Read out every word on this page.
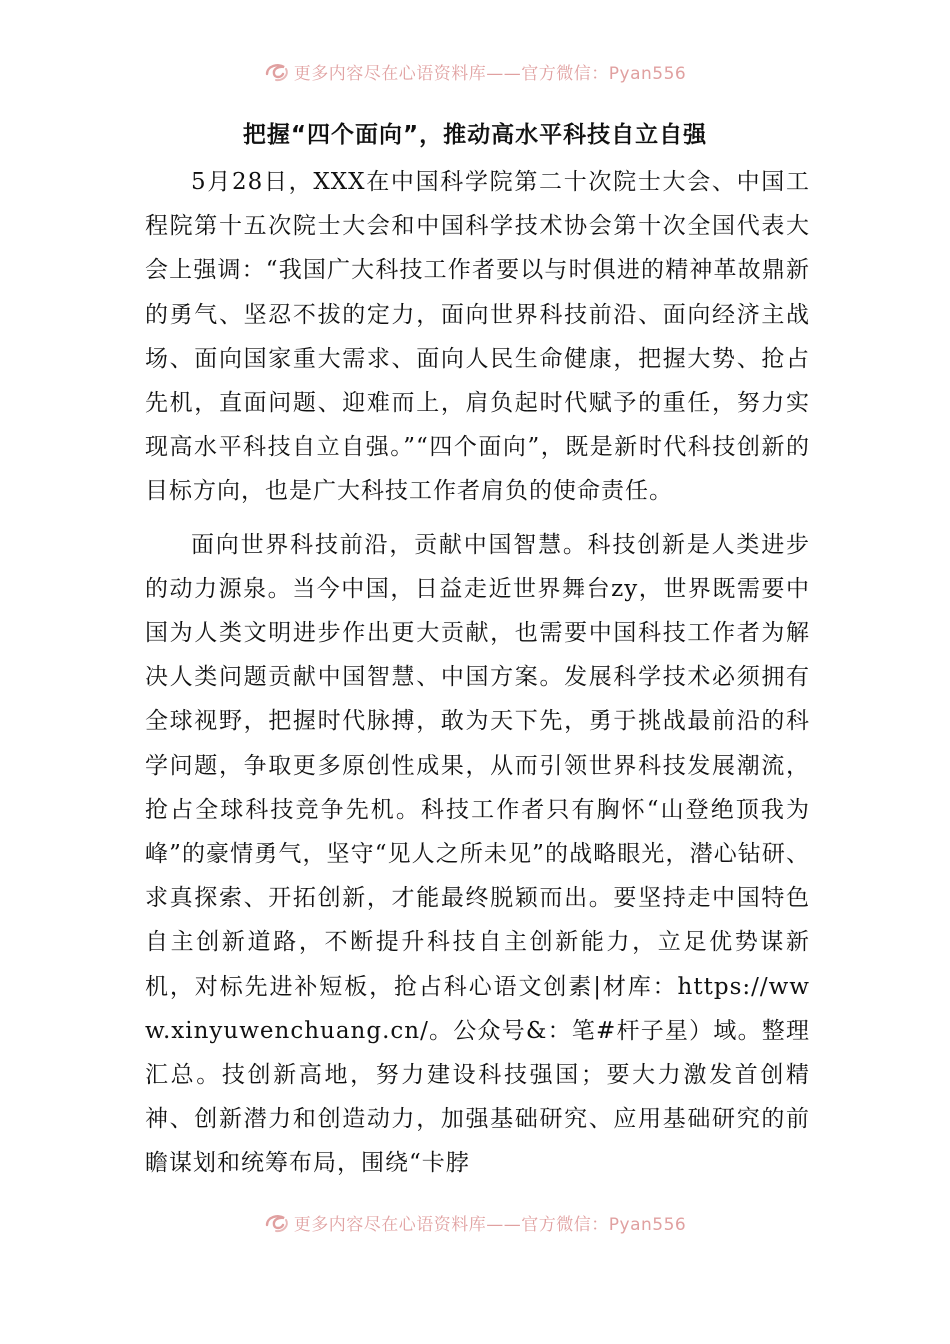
更多内容尽在心语资料库——官方微信：Pyan556
把握“四个面向”，推动高水平科技自立自强

5月28日，XXX在中国科学院第二十次院士大会、中国工程院第十五次院士大会和中国科学技术协会第十次全国代表大会上强调：“我国广大科技工作者要以与时俱进的精神革故鼎新的勇气、坚忍不拔的定力，面向世界科技前沿、面向经济主战场、面向国家重大需求、面向人民生命健康，把握大势、抢占先机，直面问题、迎难而上，肩负起时代赋予的重任，努力实现高水平科技自立自强。”“四个面向”，既是新时代科技创新的目标方向，也是广大科技工作者肩负的使命责任。

面向世界科技前沿，贡献中国智慧。科技创新是人类进步的动力源泉。当今中国，日益走近世界舞台zy，世界既需要中国为人类文明进步作出更大贡献，也需要中国科技工作者为解决人类问题贡献中国智慧、中国方案。发展科学技术必须拥有全球视野，把握时代脉搏，敢为天下先，勇于挑战最前沿的科学问题，争取更多原创性成果，从而引领世界科技发展潮流，抢占全球科技竞争先机。科技工作者只有胸怀“山登绝顶我为峰”的豪情勇气，坚守“见人之所未见”的战略眼光，潜心钻研、求真探索、开拓创新，才能最终脱颖而出。要坚持走中国特色自主创新道路，不断提升科技自主创新能力，立足优势谋新机，对标先进补短板，抢占科心语文创素|材库：https://www.xinyuwenchuang.cn/。公众号&：笔#杆子星）域。整理汇总。技创新高地，努力建设科技强国；要大力激发首创精神、创新潜力和创造动力，加强基础研究、应用基础研究的前瞻谋划和统筹布局，围绕“卡脖

更多内容尽在心语资料库——官方微信：Pyan556
